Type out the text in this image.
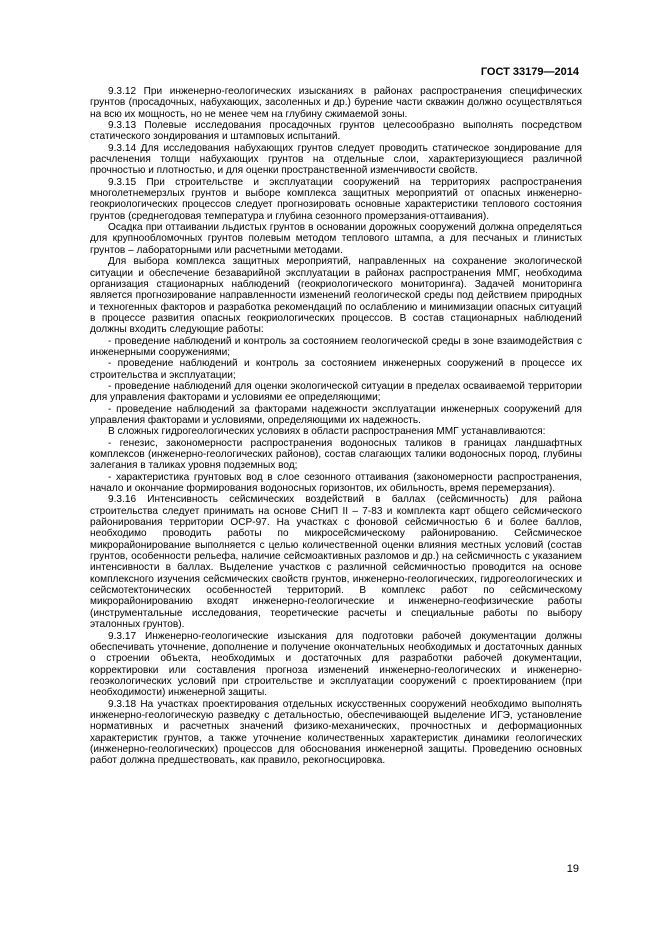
ГОСТ 33179—2014

9.3.12 При инженерно-геологических изысканиях в районах распространения специфических грунтов (просадочных, набухающих, засоленных и др.) бурение части скважин должно осуществляться на всю их мощность, но не менее чем на глубину сжимаемой зоны.

9.3.13 Полевые исследования просадочных грунтов целесообразно выполнять посредством статического зондирования и штамповых испытаний.

9.3.14 Для исследования набухающих грунтов следует проводить статическое зондирование для расчленения толщи набухающих грунтов на отдельные слои, характеризующиеся различной прочностью и плотностью, и для оценки пространственной изменчивости свойств.

9.3.15 При строительстве и эксплуатации сооружений на территориях распространения многолетнемерзлых грунтов и выборе комплекса защитных мероприятий от опасных инженерно-геокриологических процессов следует прогнозировать основные характеристики теплового состояния грунтов (среднегодовая температура и глубина сезонного промерзания-оттаивания).

Осадка при оттаивании льдистых грунтов в основании дорожных сооружений должна определяться для крупнообломочных грунтов полевым методом теплового штампа, а для песчаных и глинистых грунтов – лабораторными или расчетными методами.

Для выбора комплекса защитных мероприятий, направленных на сохранение экологической ситуации и обеспечение безаварийной эксплуатации в районах распространения ММГ, необходима организация стационарных наблюдений (геокриологического мониторинга). Задачей мониторинга является прогнозирование направленности изменений геологической среды под действием природных и техногенных факторов и разработка рекомендаций по ослаблению и минимизации опасных ситуаций в процессе развития опасных геокриологических процессов. В состав стационарных наблюдений должны входить следующие работы:

- проведение наблюдений и контроль за состоянием геологической среды в зоне взаимодействия с инженерными сооружениями;

- проведение наблюдений и контроль за состоянием инженерных сооружений в процессе их строительства и эксплуатации;

- проведение наблюдений для оценки экологической ситуации в пределах осваиваемой территории для управления факторами и условиями ее определяющими;

- проведение наблюдений за факторами надежности эксплуатации инженерных сооружений для управления факторами и условиями, определяющими их надежность.

В сложных гидрогеологических условиях в области распространения ММГ устанавливаются:

- генезис, закономерности распространения водоносных таликов в границах ландшафтных комплексов (инженерно-геологических районов), состав слагающих талики водоносных пород, глубины залегания в таликах уровня подземных вод;

- характеристика грунтовых вод в слое сезонного оттаивания (закономерности распространения, начало и окончание формирования водоносных горизонтов, их обильность, время перемерзания).

9.3.16 Интенсивность сейсмических воздействий в баллах (сейсмичность) для района строительства следует принимать на основе СНиП II – 7-83 и комплекта карт общего сейсмического районирования территории ОСР-97. На участках с фоновой сейсмичностью 6 и более баллов, необходимо проводить работы по микросейсмическому районированию. Сейсмическое микрорайонирование выполняется с целью количественной оценки влияния местных условий (состав грунтов, особенности рельефа, наличие сейсмоактивных разломов и др.) на сейсмичность с указанием интенсивности в баллах. Выделение участков с различной сейсмичностью проводится на основе комплексного изучения сейсмических свойств грунтов, инженерно-геологических, гидрогеологических и сейсмотектонических особенностей территорий. В комплекс работ по сейсмическому микрорайонированию входят инженерно-геологические и инженерно-геофизические работы (инструментальные исследования, теоретические расчеты и специальные работы по выбору эталонных грунтов).

9.3.17 Инженерно-геологические изыскания для подготовки рабочей документации должны обеспечивать уточнение, дополнение и получение окончательных необходимых и достаточных данных о строении объекта, необходимых и достаточных для разработки рабочей документации, корректировки или составления прогноза изменений инженерно-геологических и инженерно-геоэкологических условий при строительстве и эксплуатации сооружений с проектированием (при необходимости) инженерной защиты.

9.3.18 На участках проектирования отдельных искусственных сооружений необходимо выполнять инженерно-геологическую разведку с детальностью, обеспечивающей выделение ИГЭ, установление нормативных и расчетных значений физико-механических, прочностных и деформационных характеристик грунтов, а также уточнение количественных характеристик динамики геологических (инженерно-геологических) процессов для обоснования инженерной защиты. Проведению основных работ должна предшествовать, как правило, рекогносцировка.

19
